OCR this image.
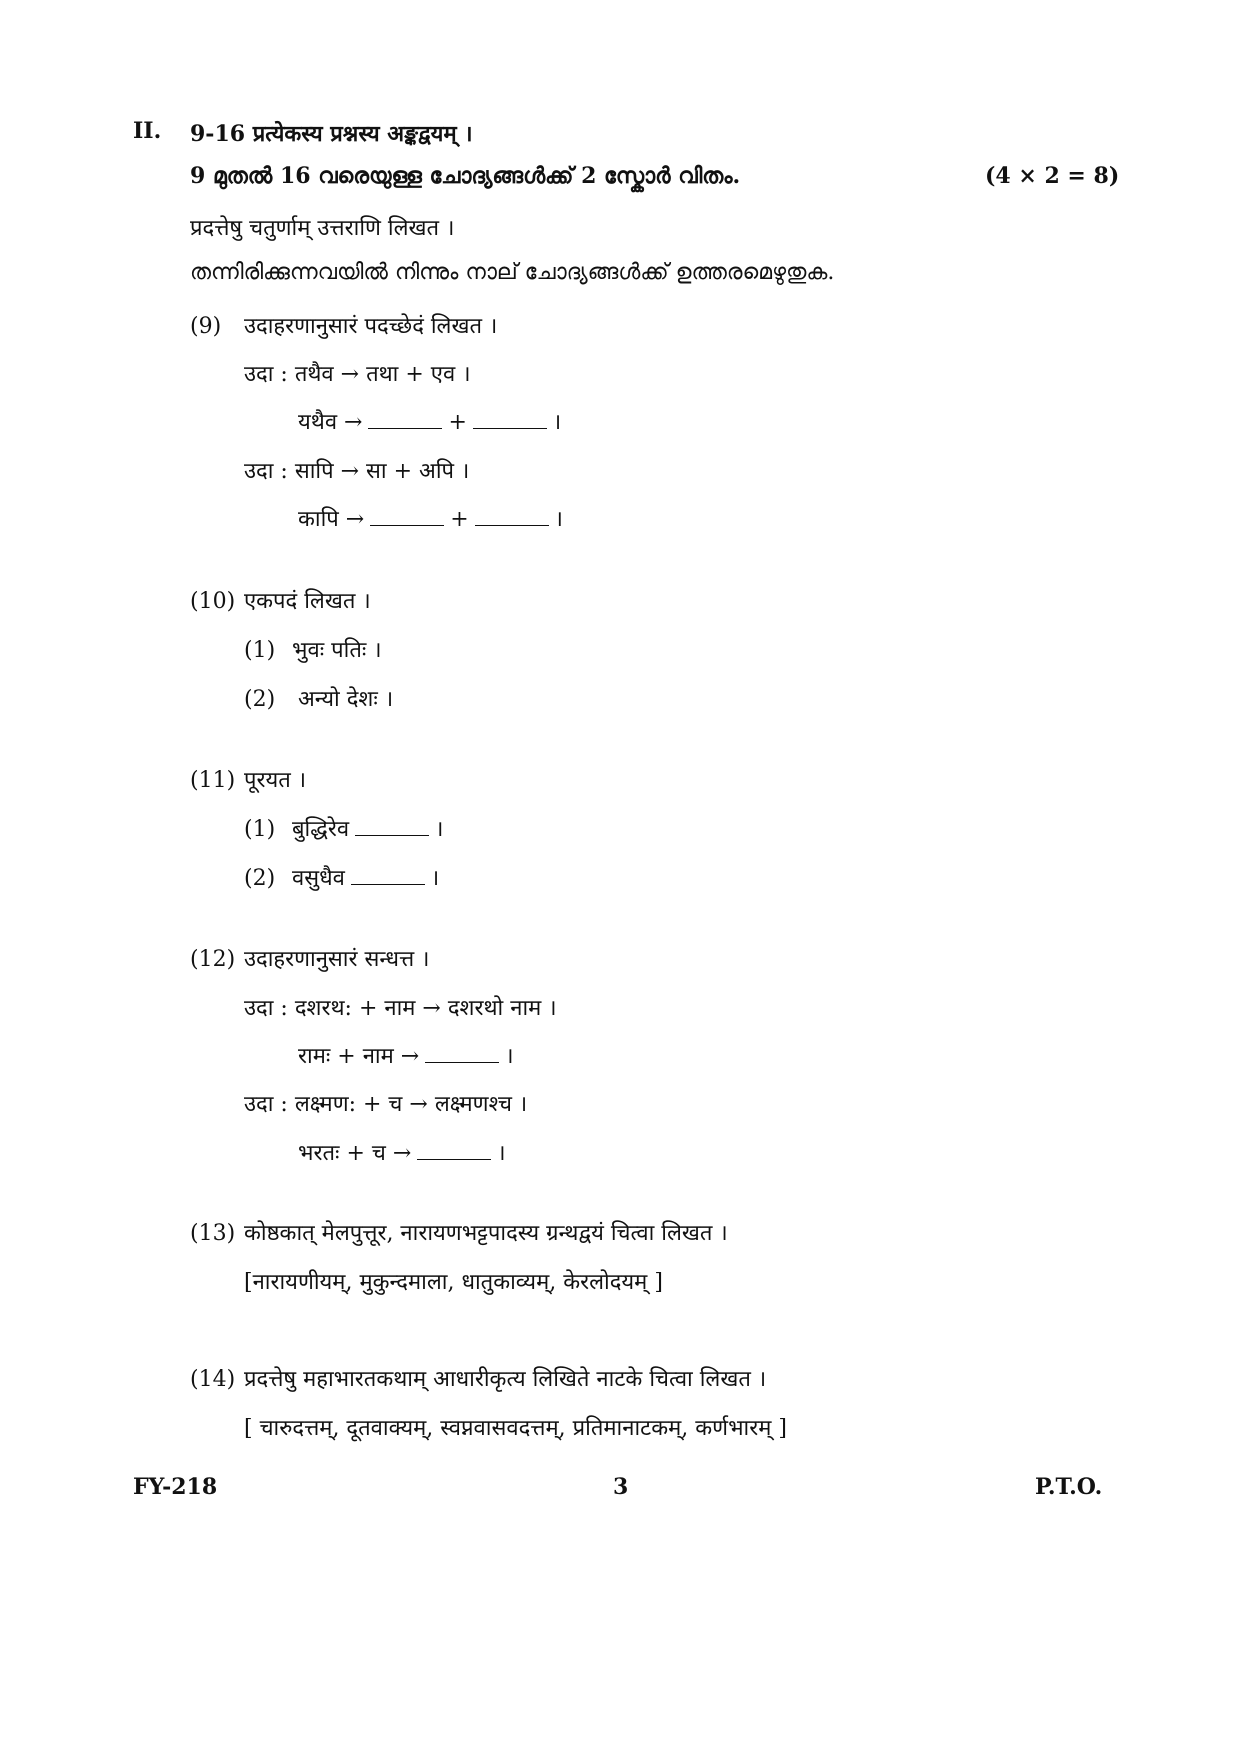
II. 9-16 प्रत्येकस्य प्रश्नस्य अङ्कद्वयम् ।
9 മുതൽ 16 വരെയുള്ള ചോദ്യങ്ങൾക്ക് 2 സ്കോർ വിതം.	(4 × 2 = 8)
प्रदत्तेषु चतुर्णाम् उत्तराणि लिखत ।
തന്നിരിക്കുന്നവയിൽ നിന്നും നാല് ചോദ്യങ്ങൾക്ക് ഉത്തരമെഴുതുക.
(9) उदाहरणानुसारं पदच्छेदं लिखत ।
उदा : तथैव → तथा + एव ।
यथैव →	+	।
उदा : सापि → सा + अपि ।
कापि →	+	।
(10) एकपदं लिखत ।
(1) भुवः पतिः ।
(2) अन्यो देशः ।
(11) पूरयत ।
(1) बुद्धिरेव	।
(2) वसुधैव	।
(12) उदाहरणानुसारं सन्धत्त ।
उदा : दशरथ: + नाम → दशरथो नाम ।
रामः + नाम →	।
उदा : लक्ष्मण: + च → लक्ष्मणश्च ।
भरतः + च →	।
(13) कोष्ठकात् मेलपुत्तूर, नारायणभट्टपादस्य ग्रन्थद्वयं चित्वा लिखत ।
[नारायणीयम्, मुकुन्दमाला, धातुकाव्यम्, केरलोदयम् ]
(14) प्रदत्तेषु महाभारतकथाम् आधारीकृत्य लिखिते नाटके चित्वा लिखत ।
[ चारुदत्तम्, दूतवाक्यम्, स्वप्नवासवदत्तम्, प्रतिमानाटकम्, कर्णभारम् ]
FY-218	3	P.T.O.
